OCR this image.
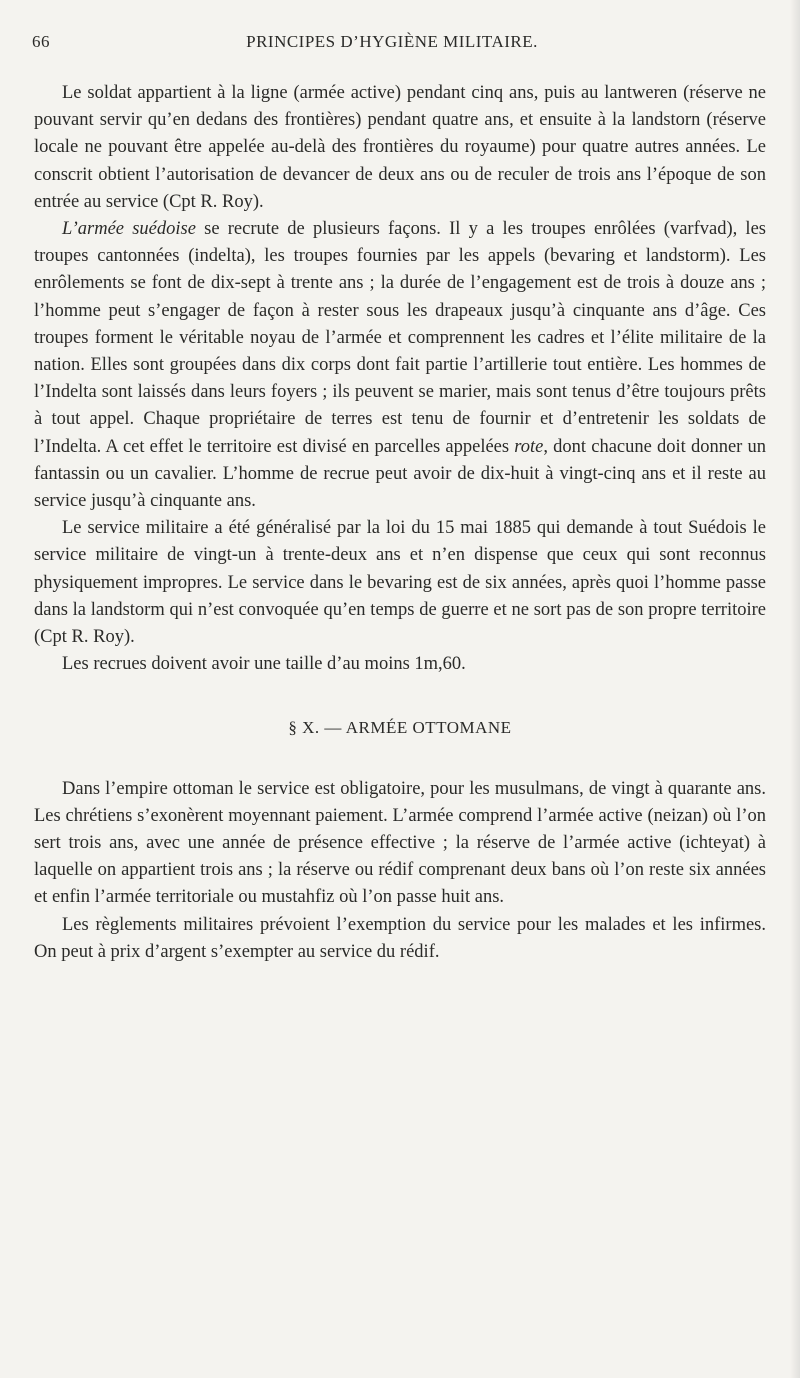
66	PRINCIPES D’HYGIÈNE MILITAIRE.

Le soldat appartient à la ligne (armée active) pendant cinq ans, puis au lantweren (réserve ne pouvant servir qu’en dedans des frontières) pendant quatre ans, et ensuite à la landstorn (réserve locale ne pouvant être appelée au-delà des frontières du royaume) pour quatre autres années. Le conscrit obtient l’autorisation de devancer de deux ans ou de reculer de trois ans l’époque de son entrée au service (Cpt R. Roy).

L’armée suédoise se recrute de plusieurs façons. Il y a les troupes enrôlées (varfvad), les troupes cantonnées (indelta), les troupes fournies par les appels (bevaring et landstorm). Les enrôlements se font de dix-sept à trente ans ; la durée de l’engagement est de trois à douze ans ; l’homme peut s’engager de façon à rester sous les drapeaux jusqu’à cinquante ans d’âge. Ces troupes forment le véritable noyau de l’armée et comprennent les cadres et l’élite militaire de la nation. Elles sont groupées dans dix corps dont fait partie l’artillerie tout entière. Les hommes de l’Indelta sont laissés dans leurs foyers ; ils peuvent se marier, mais sont tenus d’être toujours prêts à tout appel. Chaque propriétaire de terres est tenu de fournir et d’entretenir les soldats de l’Indelta. A cet effet le territoire est divisé en parcelles appelées rote, dont chacune doit donner un fantassin ou un cavalier. L’homme de recrue peut avoir de dix-huit à vingt-cinq ans et il reste au service jusqu’à cinquante ans.

Le service militaire a été généralisé par la loi du 15 mai 1885 qui demande à tout Suédois le service militaire de vingt-un à trente-deux ans et n’en dispense que ceux qui sont reconnus physiquement impropres. Le service dans le bevaring est de six années, après quoi l’homme passe dans la landstorm qui n’est convoquée qu’en temps de guerre et ne sort pas de son propre territoire (Cpt R. Roy).

Les recrues doivent avoir une taille d’au moins 1m,60.

§ X. — ARMÉE OTTOMANE

Dans l’empire ottoman le service est obligatoire, pour les musulmans, de vingt à quarante ans. Les chrétiens s’exonèrent moyennant paiement. L’armée comprend l’armée active (neizan) où l’on sert trois ans, avec une année de présence effective ; la réserve de l’armée active (ichteyat) à laquelle on appartient trois ans ; la réserve ou rédif comprenant deux bans où l’on reste six années et enfin l’armée territoriale ou mustahfiz où l’on passe huit ans.

Les règlements militaires prévoient l’exemption du service pour les malades et les infirmes. On peut à prix d’argent s’exempter au service du rédif.
